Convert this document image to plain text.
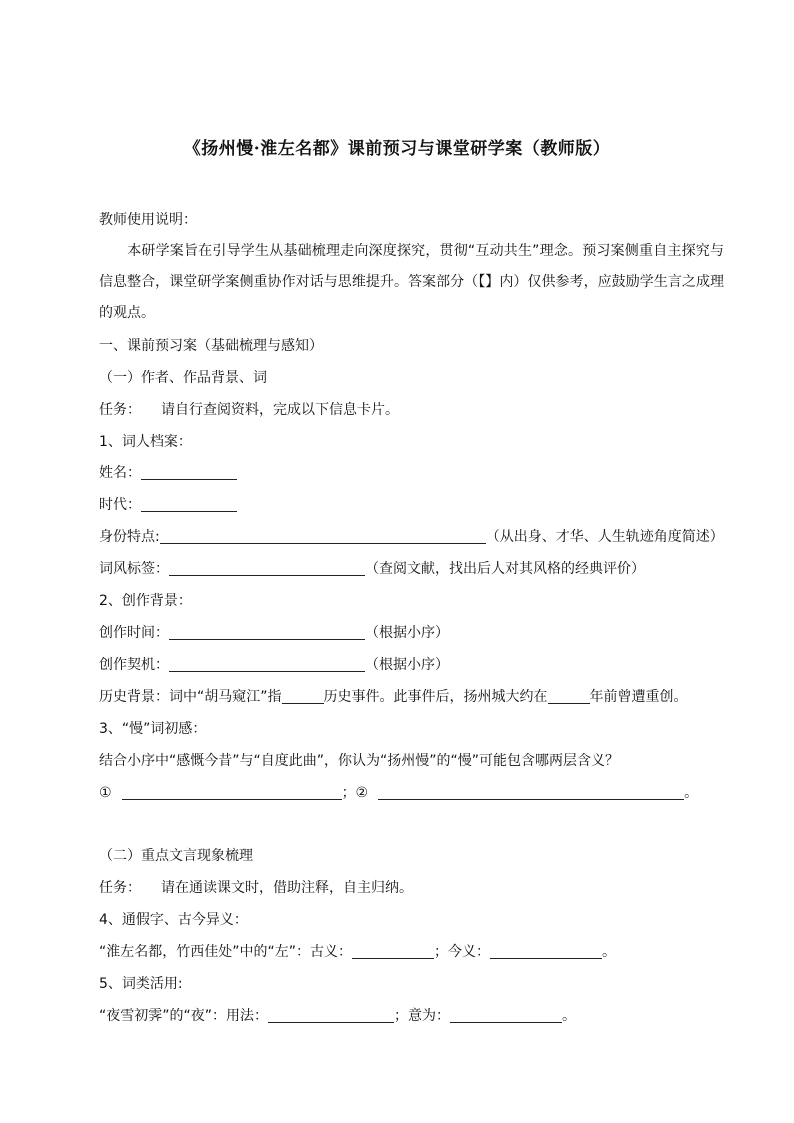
《扬州慢·淮左名都》课前预习与课堂研学案（教师版）
教师使用说明：
本研学案旨在引导学生从基础梳理走向深度探究，贯彻“互动共生”理念。预习案侧重自主探究与信息整合，课堂研学案侧重协作对话与思维提升。答案部分（【】内）仅供参考，应鼓励学生言之成理的观点。
一、课前预习案（基础梳理与感知）
（一）作者、作品背景、词
任务： 请自行查阅资料，完成以下信息卡片。
1、词人档案：
姓名：
时代：
身份特点:	（从出身、才华、人生轨迹角度简述）
词风标签：	（查阅文献，找出后人对其风格的经典评价）
2、创作背景：
创作时间：	（根据小序）
创作契机：	（根据小序）
历史背景：词中“胡马窥江”指	历史事件。此事件后，扬州城大约在	年前曾遭重创。
3、“慢”词初感：
结合小序中“感慨今昔”与“自度此曲”，你认为“扬州慢”的“慢”可能包含哪两层含义？
①	；②	。
（二）重点文言现象梳理
任务： 请在通读课文时，借助注释，自主归纳。
4、通假字、古今异义：
“淮左名都，竹西佳处”中的“左”：古义：	；今义：	。
5、词类活用:
“夜雪初霁”的“夜”：用法：	；意为：	。
